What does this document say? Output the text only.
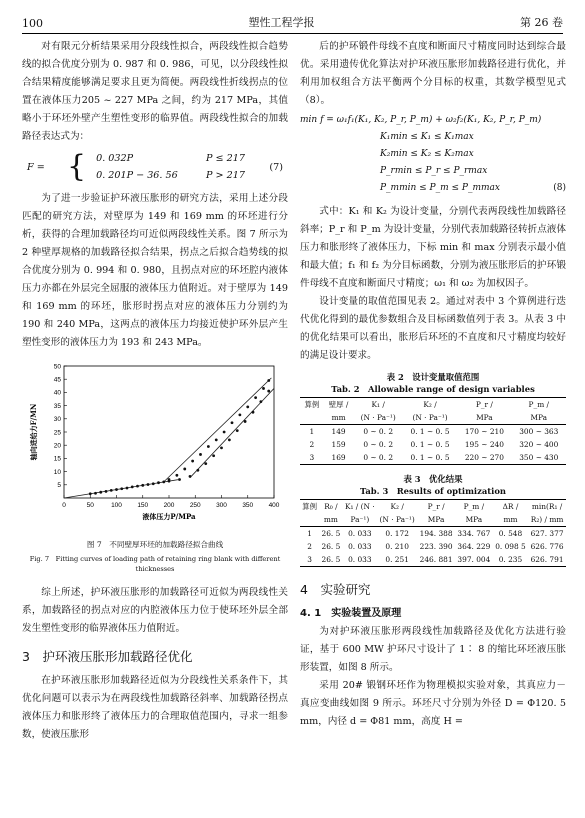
100	塑性工程学报	第 26 卷

对有限元分析结果采用分段线性拟合，两段线性拟合趋势线的拟合优度分别为 0. 987 和 0. 986，可见，以分段线性拟合结果精度能够满足要求且更为简便。两段线性折线拐点的位置在液体压力205 ~ 227 MPa 之间，约为 217 MPa，其值略小于环坯外壁产生塑性变形的临界值。两段线性拟合的加载路径表达式为：

F =	{	0. 032P	P ≤ 217	(7)
		0. 201P − 36. 56	P > 217	

为了进一步验证护环液压胀形的研究方法，采用上述分段匹配的研究方法，对壁厚为 149 和 169 mm 的环坯进行分析，获得的合理加载路径均可近似两段线性关系。图 7 所示为 2 种壁厚规格的加载路径拟合结果，拐点之后拟合趋势线的拟合优度分别为 0. 994 和 0. 980，且拐点对应的环坯腔内液体压力亦都在外层完全屈服的液体压力值附近。对于壁厚为 149 和 169 mm 的环坯，胀形时拐点对应的液体压力分别约为 190 和 240 MPa，这两点的液体压力均接近使护环外层产生塑性变形的液体压力为 193 和 243 MPa。

0	50	100 150 200 250 300 350 400
5
10
15
20
25
30
35
40
45
50
液体压力P/MPa
轴向进给力F/MN
图 7　不同壁厚环坯的加载路径拟合曲线
Fig. 7　Fitting curves of loading path of retaining ring blank with different thicknesses

综上所述，护环液压胀形的加载路径可近似为两段线性关系，加载路径的拐点对应的内腔液体压力位于使环坯外层全部发生塑性变形的临界液体压力值附近。

3　护环液压胀形加载路径优化

在护环液压胀形加载路径近似为分段线性关系条件下，其优化问题可以表示为在两段线性加载路径斜率、加载路径拐点液体压力和胀形终了液体压力的合理取值范围内，寻求一组参数，使液压胀形

后的护环锻件母线不直度和断面尺寸精度同时达到综合最优。采用遗传优化算法对护环液压胀形加载路径进行优化，并利用加权组合方法平衡两个分目标的权重，其数学模型见式（8）。

min f = ω₁f₁(K₁, K₂, P_r, P_m) + ω₂f₂(K₁, K₂, P_r, P_m)
K₁min ≤ K₁ ≤ K₁max
K₂min ≤ K₂ ≤ K₂max
P_rmin ≤ P_r ≤ P_rmax
P_mmin ≤ P_m ≤ P_mmax	(8)

式中：K₁ 和 K₂ 为设计变量，分别代表两段线性加载路径斜率；P_r 和 P_m 为设计变量，分别代表加载路径转折点液体压力和胀形终了液体压力，下标 min 和 max 分别表示最小值和最大值；f₁ 和 f₂ 为分目标函数，分别为液压胀形后的护环锻件母线不直度和断面尺寸精度；ω₁ 和 ω₂ 为加权因子。

设计变量的取值范围见表 2。通过对表中 3 个算例进行迭代优化得到的最优参数组合及目标函数值列于表 3。从表 3 中的优化结果可以看出，胀形后环坯的不直度和尺寸精度均较好的满足设计要求。

表 2　设计变量取值范围
Tab. 2　Allowable range of design variables
算例	壁厚 /	K₁ /	K₂ /	P_r /	P_m /
	mm	(N · Pa⁻¹)	(N · Pa⁻¹)	MPa	MPa
1	149	0 ~ 0. 2	0. 1 ~ 0. 5	170 ~ 210	300 ~ 363
2	159	0 ~ 0. 2	0. 1 ~ 0. 5	195 ~ 240	320 ~ 400
3	169	0 ~ 0. 2	0. 1 ~ 0. 5	220 ~ 270	350 ~ 430
表 3　优化结果
Tab. 3　Results of optimization
算例	R₀ /	K₁ / (N ·	K₂ /	P_r /	P_m /	ΔR /	min(R₁ /
	mm	Pa⁻¹)	(N · Pa⁻¹)	MPa	MPa	mm	R₂) / mm
1	26. 5	0. 033	0. 172	194. 388	334. 767	0. 548	627. 377
2	26. 5	0. 033	0. 210	223. 390	364. 229	0. 098 5	626. 776
3	26. 5	0. 033	0. 251	246. 881	397. 004	0. 235	626. 791
4　实验研究
4. 1　实验装置及原理

为对护环液压胀形两段线性加载路径及优化方法进行验证，基于 600 MW 护环尺寸设计了 1∶ 8 的缩比环坯液压胀形装置，如图 8 所示。

采用 20# 锻钢环坯作为物理模拟实验对象，其真应力－真应变曲线如图 9 所示。环坯尺寸分别为外径 D = Φ120. 5 mm，内径 d = Φ81 mm，高度 H =
